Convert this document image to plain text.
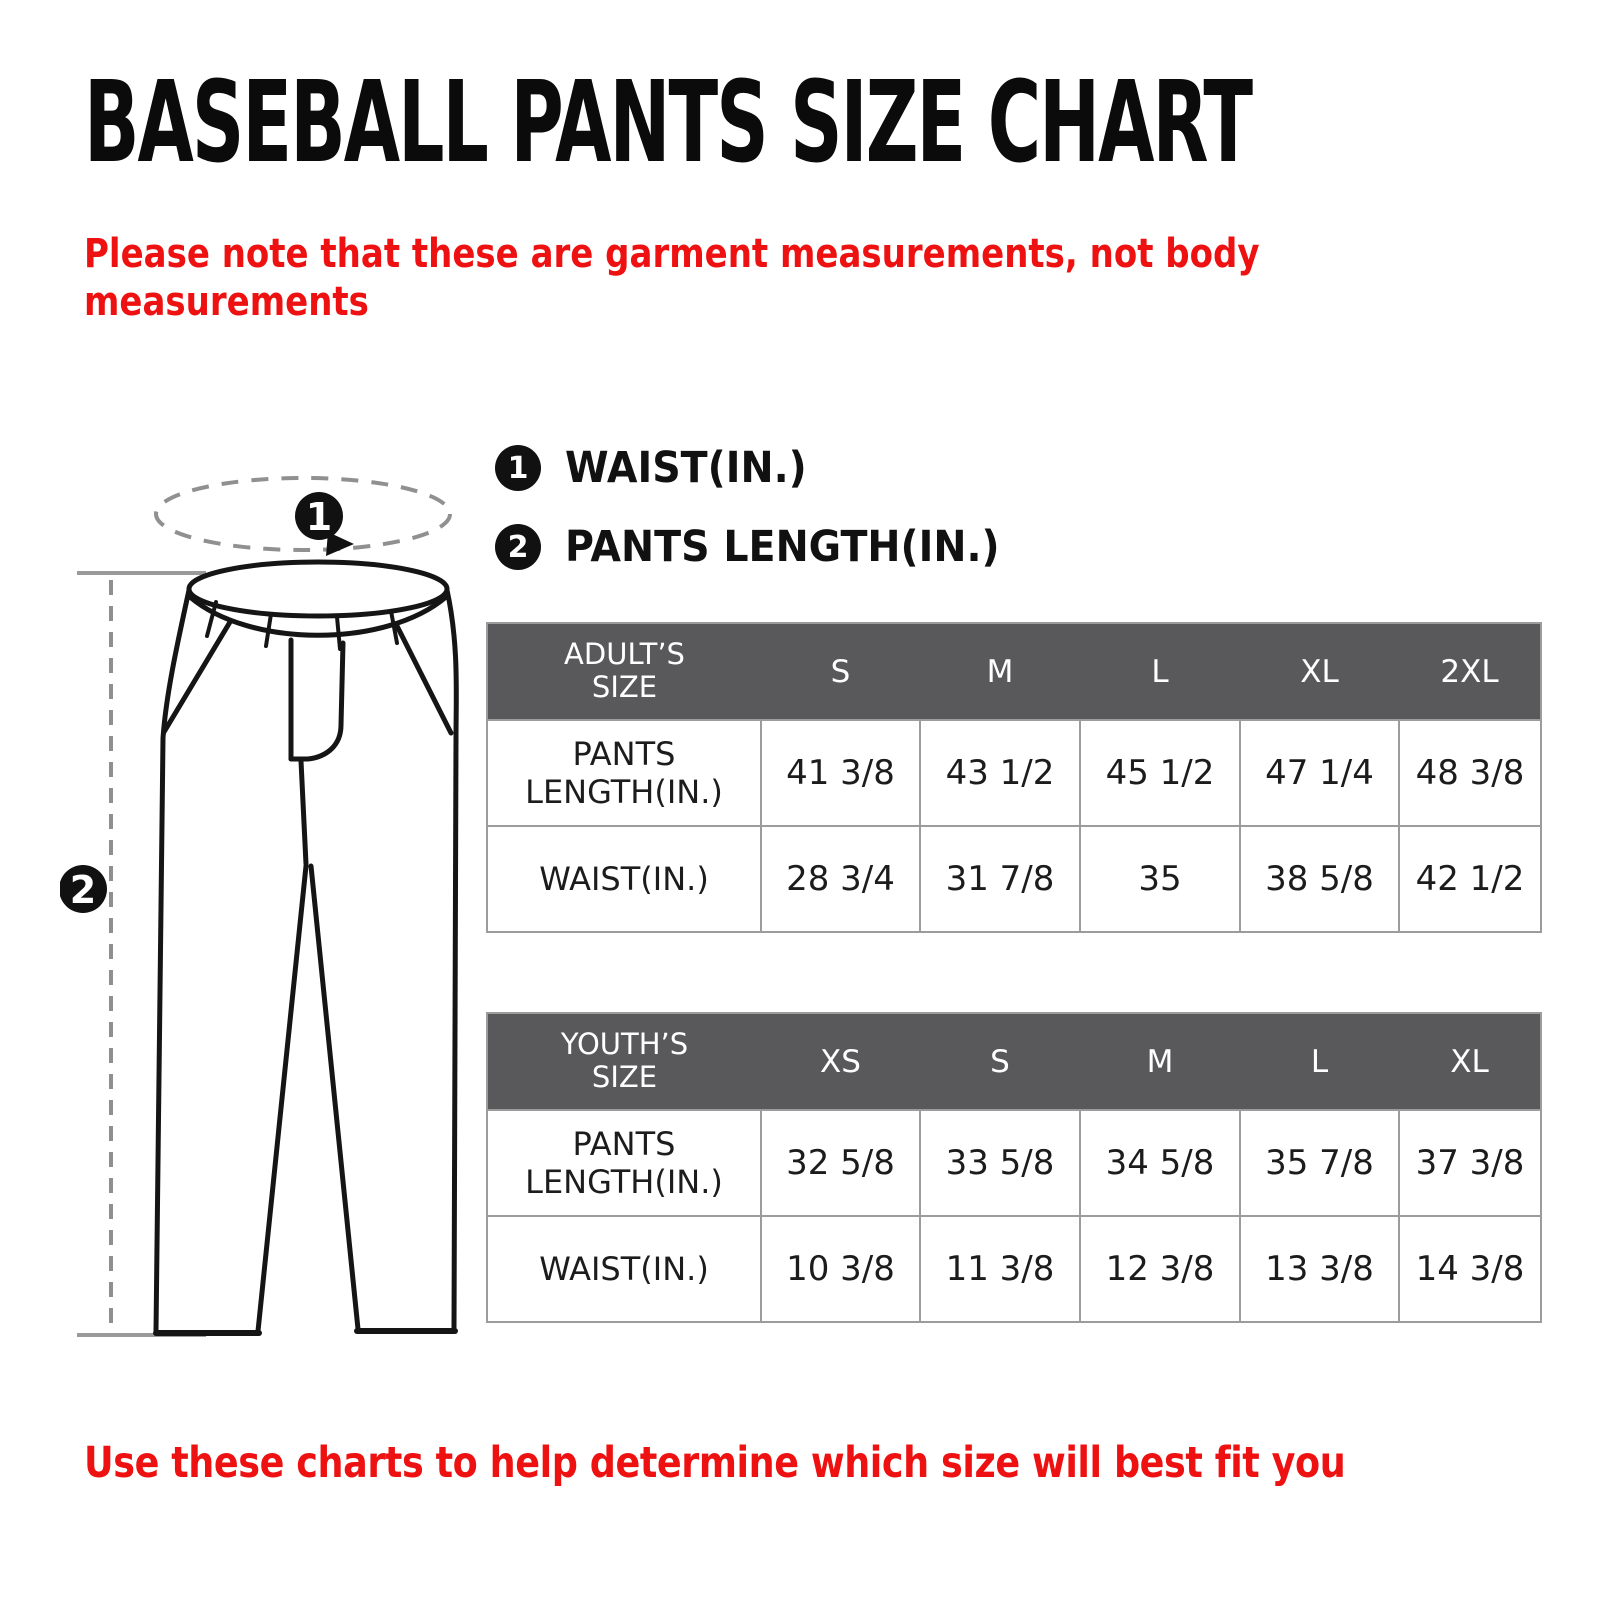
BASEBALL PANTS SIZE CHART
Please note that these are garment measurements, not body measurements
1
2
1 WAIST(IN.)
2 PANTS LENGTH(IN.)
ADULT’S SIZE	S	M	L	XL	2XL
PANTS LENGTH(IN.)	41 3/8	43 1/2	45 1/2	47 1/4	48 3/8
WAIST(IN.)	28 3/4	31 7/8	35	38 5/8	42 1/2
YOUTH’S SIZE	XS	S	M	L	XL
PANTS LENGTH(IN.)	32 5/8	33 5/8	34 5/8	35 7/8	37 3/8
WAIST(IN.)	10 3/8	11 3/8	12 3/8	13 3/8	14 3/8
Use these charts to help determine which size will best fit you
